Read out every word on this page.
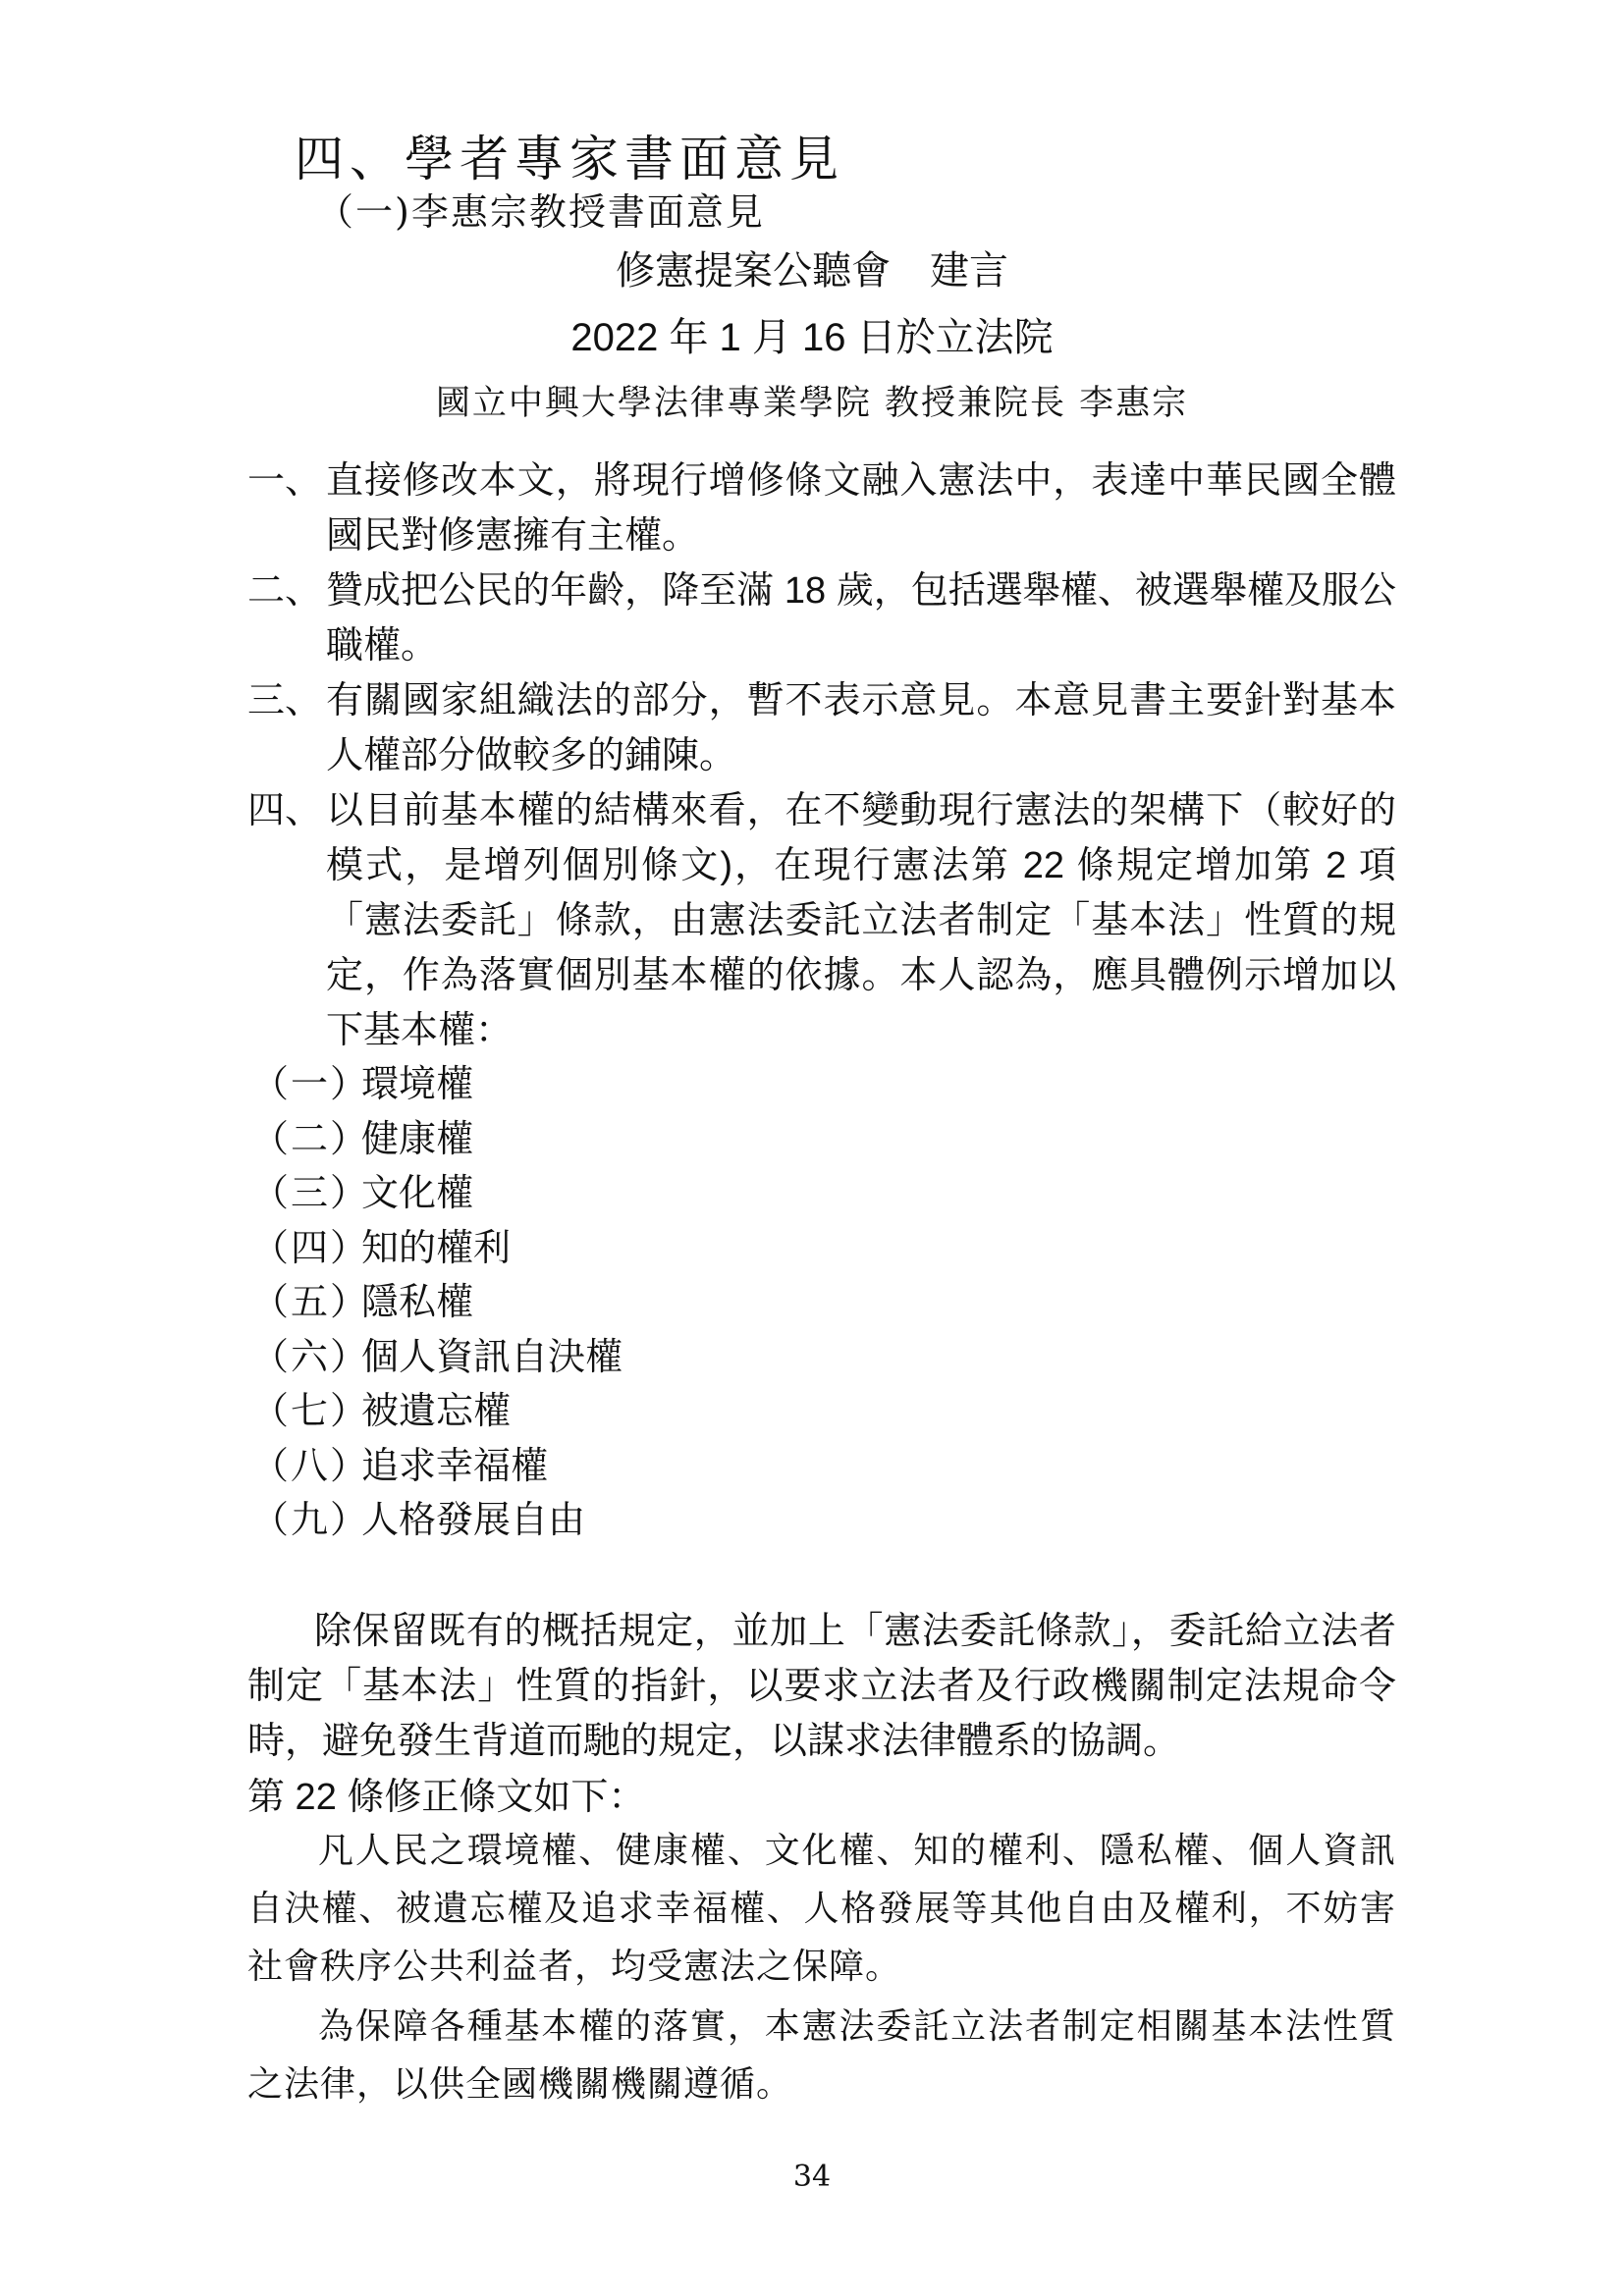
四、學者專家書面意見
（一)李惠宗教授書面意見
修憲提案公聽會　建言
2022 年 1 月 16 日於立法院
國立中興大學法律專業學院 教授兼院長 李惠宗
一、 直接修改本文，將現行增修條文融入憲法中，表達中華民國全體國民對修憲擁有主權。
二、 贊成把公民的年齡，降至滿 18 歲，包括選舉權、被選舉權及服公職權。
三、 有關國家組織法的部分，暫不表示意見。本意見書主要針對基本人權部分做較多的鋪陳。
四、 以目前基本權的結構來看，在不變動現行憲法的架構下（較好的模式，是增列個別條文)，在現行憲法第 22 條規定增加第 2 項「憲法委託」條款，由憲法委託立法者制定「基本法」性質的規定，作為落實個別基本權的依據。本人認為，應具體例示增加以下基本權：
（一）環境權
（二）健康權
（三）文化權
（四）知的權利
（五）隱私權
（六）個人資訊自決權
（七）被遺忘權
（八）追求幸福權
（九）人格發展自由
除保留既有的概括規定，並加上「憲法委託條款」，委託給立法者制定「基本法」性質的指針，以要求立法者及行政機關制定法規命令時，避免發生背道而馳的規定，以謀求法律體系的協調。
第 22 條修正條文如下：
凡人民之環境權、健康權、文化權、知的權利、隱私權、個人資訊自決權、被遺忘權及追求幸福權、人格發展等其他自由及權利，不妨害社會秩序公共利益者，均受憲法之保障。
為保障各種基本權的落實，本憲法委託立法者制定相關基本法性質之法律，以供全國機關機關遵循。
34
